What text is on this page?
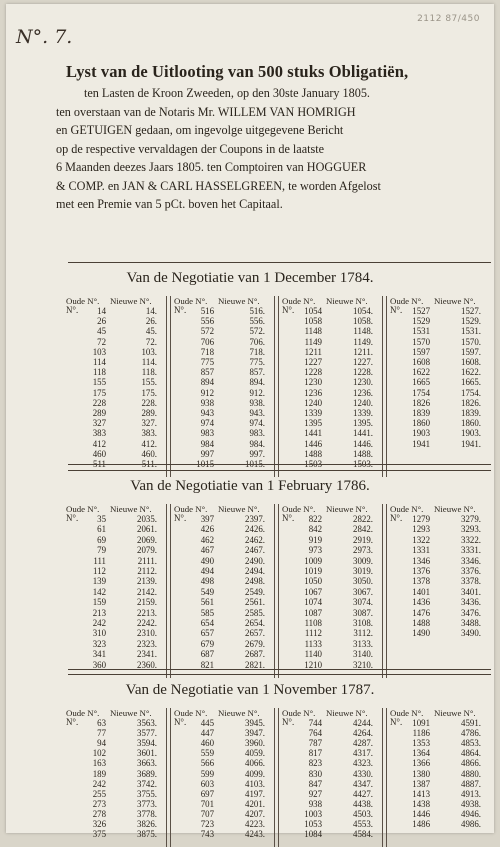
N°. 7.
2112 87/450

Lyst van de Uitlooting van 500 stuks Obligatiën,

ten Lasten de Kroon Zweeden, op den 30ste January 1805.

ten overstaan van de Notaris Mr. WILLEM VAN HOMRIGH

en GETUIGEN gedaan, om ingevolge uitgegevene Bericht

op de respective vervaldagen der Coupons in de laatste

6 Maanden deezes Jaars 1805. ten Comptoiren van HOGGUER

& COMP. en JAN & CARL HASSELGREEN, te worden Afgelost

met een Premie van 5 pCt. boven het Capitaal.

Van de Negotiatie van 1 December 1784.
Oude N°. Nieuwe N°.
N°. 14	14.
26	26.
45	45.
72	72.
103	103.
114	114.
118	118.
155	155.
175	175.
228	228.
289	289.
327	327.
383	383.
412	412.
460	460.
511	511.
Oude N°. Nieuwe N°.
N°. 516	516.
556	556.
572	572.
706	706.
718	718.
775	775.
857	857.
894	894.
912	912.
938	938.
943	943.
974	974.
983	983.
984	984.
997	997.
1015	1015.
Oude N°. Nieuwe N°.
N°. 1054	1054.
1058	1058.
1148	1148.
1149	1149.
1211	1211.
1227	1227.
1228	1228.
1230	1230.
1236	1236.
1240	1240.
1339	1339.
1395	1395.
1441	1441.
1446	1446.
1488	1488.
1503	1503.
Oude N°. Nieuwe N°.
N°. 1527	1527.
1529	1529.
1531	1531.
1570	1570.
1597	1597.
1608	1608.
1622	1622.
1665	1665.
1754	1754.
1826	1826.
1839	1839.
1860	1860.
1903	1903.
1941	1941.
Van de Negotiatie van 1 February 1786.
Oude N°. Nieuwe N°.
N°. 35	2035.
61	2061.
69	2069.
79	2079.
111	2111.
112	2112.
139	2139.
142	2142.
159	2159.
213	2213.
242	2242.
310	2310.
323	2323.
341	2341.
360	2360.
Oude N°. Nieuwe N°.
N°. 397	2397.
426	2426.
462	2462.
467	2467.
490	2490.
494	2494.
498	2498.
549	2549.
561	2561.
585	2585.
654	2654.
657	2657.
679	2679.
687	2687.
821	2821.
Oude N°. Nieuwe N°.
N°. 822	2822.
842	2842.
919	2919.
973	2973.
1009	3009.
1019	3019.
1050	3050.
1067	3067.
1074	3074.
1087	3087.
1108	3108.
1112	3112.
1133	3133.
1140	3140.
1210	3210.
Oude N°. Nieuwe N°.
N°. 1279	3279.
1293	3293.
1322	3322.
1331	3331.
1346	3346.
1376	3376.
1378	3378.
1401	3401.
1436	3436.
1476	3476.
1488	3488.
1490	3490.
Van de Negotiatie van 1 November 1787.
Oude N°. Nieuwe N°.
N°. 63	3563.
77	3577.
94	3594.
102	3601.
163	3663.
189	3689.
242	3742.
255	3755.
273	3773.
278	3778.
326	3826.
375	3875.
Oude N°. Nieuwe N°.
N°. 445	3945.
447	3947.
460	3960.
559	4059.
566	4066.
599	4099.
603	4103.
697	4197.
701	4201.
707	4207.
723	4223.
743	4243.
Oude N°. Nieuwe N°.
N°. 744	4244.
764	4264.
787	4287.
817	4317.
823	4323.
830	4330.
847	4347.
927	4427.
938	4438.
1003	4503.
1053	4553.
1084	4584.
Oude N°. Nieuwe N°.
N°. 1091	4591.
1186	4786.
1353	4853.
1364	4864.
1366	4866.
1380	4880.
1387	4887.
1413	4913.
1438	4938.
1446	4946.
1486	4986.
